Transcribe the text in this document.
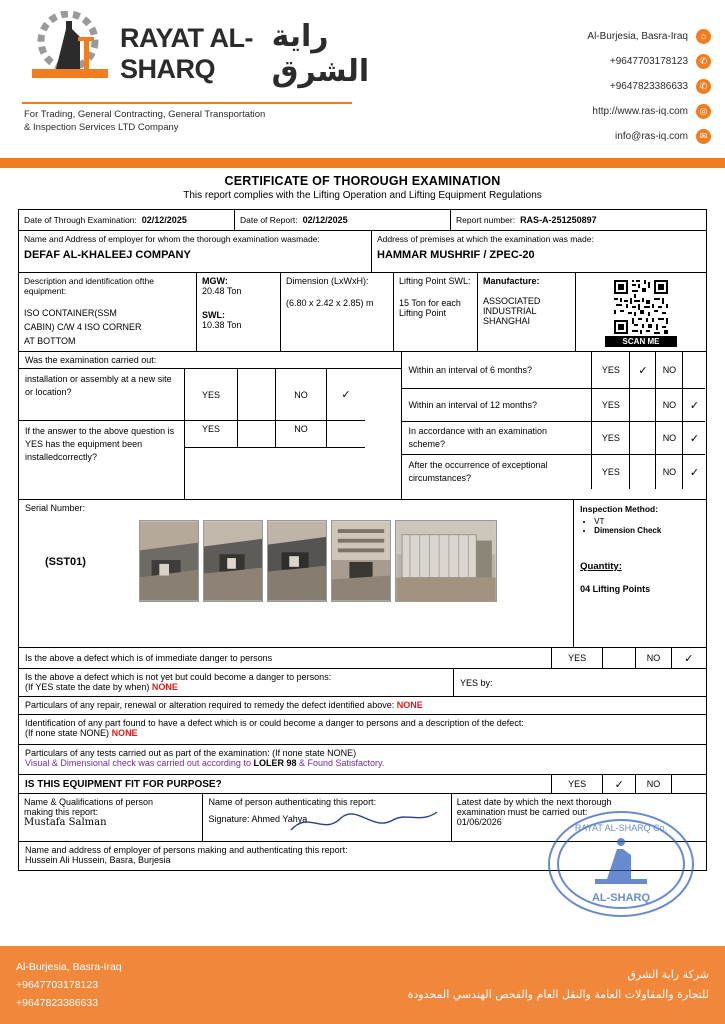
RAYAT AL-SHARQ
راية الشرق
For Trading, General Contracting, General Transportation
& Inspection Services LTD Company
Al-Burjesia, Basra-Iraq	⌂
+9647703178123	✆
+9647823386633	✆
http://www.ras-iq.com	◎
info@ras-iq.com	✉
CERTIFICATE OF THOROUGH EXAMINATION
This report complies with the Lifting Operation and Lifting Equipment Regulations
Date of Through Examination: 02/12/2025	Date of Report: 02/12/2025	Report number: RAS-A-251250897
Name and Address of employer for whom the thorough examination wasmade:
DEFAF AL-KHALEEJ COMPANY
Address of premises at which the examination was made:
HAMMAR MUSHRIF / ZPEC-20
Description and identification ofthe equipment:
ISO CONTAINER(SSM
CABIN) C/W 4 ISO CORNER
AT BOTTOM
MGW:
20.48 Ton
SWL:
10.38 Ton
Dimension (LxWxH):
(6.80 x 2.42 x 2.85) m
Lifting Point SWL:
15 Ton for each Lifting Point
Manufacture:
ASSOCIATED INDUSTRIAL SHANGHAI
SCAN ME
Was the examination carried out:
installation or assembly at a new site or location?	YES	NO	✓
If the answer to the above question is YES has the equipment been installedcorrectly?
YES	NO
Within an interval of 6 months?	YES	✓	NO
Within an interval of 12 months?	YES	NO	✓
In accordance with an examination scheme?
YES	NO	✓
After the occurrence of exceptional circumstances?
YES	NO	✓
Serial Number:
(SST01)
Inspection Method:
• VT
• Dimension Check
Quantity:
04 Lifting Points
Is the above a defect which is of immediate danger to persons	YES	NO	✓
Is the above a defect which is not yet but could become a danger to persons:
(If YES state the date by when) NONE	YES by:
Particulars of any repair, renewal or alteration required to remedy the defect identified above: NONE
Identification of any part found to have a defect which is or could become a danger to persons and a description of the defect:
(If none state NONE) NONE
Particulars of any tests carried out as part of the examination: (If none state NONE)
Visual & Dimensional check was carried out according to LOLER 98 & Found Satisfactory.
IS THIS EQUIPMENT FIT FOR PURPOSE?	YES	✓	NO
Name & Qualifications of person
making this report:
Mustafa Salman
Name of person authenticating this report:
Signature: Ahmed Yahya
Latest date by which the next thorough
examination must be carried out:
01/06/2026
Name and address of employer of persons making and authenticating this report:
Hussein Ali Hussein, Basra, Burjesia
RAYAT AL-SHARQ Co.
AL-SHARQ
Al-Burjesia, Basra-Iraq
+9647703178123
+9647823386633
شركة راية الشرق
للتجارة والمقاولات العامة والنقل العام والفحص الهندسي المحدودة
